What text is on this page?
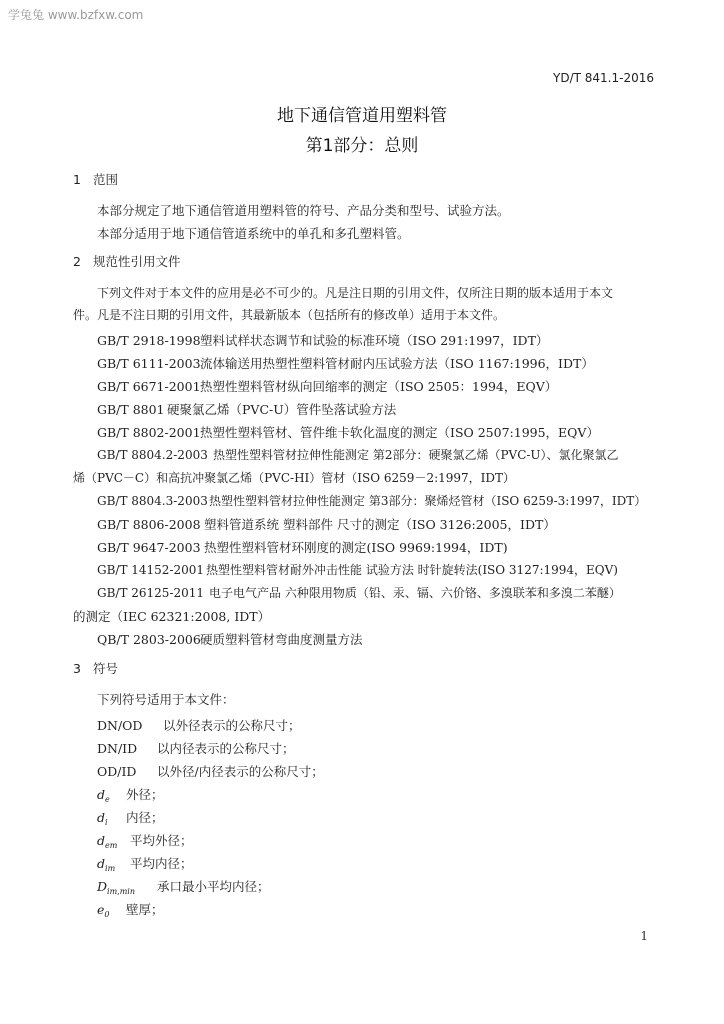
学兔兔 www.bzfxw.com
YD/T 841.1-2016
地下通信管道用塑料管
第1部分：总则
1 范围
本部分规定了地下通信管道用塑料管的符号、产品分类和型号、试验方法。
本部分适用于地下通信管道系统中的单孔和多孔塑料管。
2 规范性引用文件
下列文件对于本文件的应用是必不可少的。凡是注日期的引用文件，仅所注日期的版本适用于本文
件。凡是不注日期的引用文件，其最新版本（包括所有的修改单）适用于本文件。
GB/T 2918-1998塑料试样状态调节和试验的标准环境（ISO 291:1997，IDT）
GB/T 6111-2003流体输送用热塑性塑料管材耐内压试验方法（ISO 1167:1996，IDT）
GB/T 6671-2001热塑性塑料管材纵向回缩率的测定（ISO 2505：1994，EQV）
GB/T 8801 硬聚氯乙烯（PVC-U）管件坠落试验方法
GB/T 8802-2001热塑性塑料管材、管件维卡软化温度的测定（ISO 2507:1995，EQV）
GB/T 8804.2-2003 热塑性塑料管材拉伸性能测定 第2部分：硬聚氯乙烯（PVC-U）、氯化聚氯乙
烯（PVC－C）和高抗冲聚氯乙烯（PVC-HI）管材（ISO 6259－2:1997，IDT）
GB/T 8804.3-2003热塑性塑料管材拉伸性能测定 第3部分：聚烯烃管材（ISO 6259-3:1997，IDT）
GB/T 8806-2008 塑料管道系统 塑料部件 尺寸的测定（ISO 3126:2005，IDT）
GB/T 9647-2003 热塑性塑料管材环刚度的测定(ISO 9969:1994，IDT)
GB/T 14152-2001 热塑性塑料管材耐外冲击性能 试验方法 时针旋转法(ISO 3127:1994，EQV)
GB/T 26125-2011 电子电气产品 六种限用物质（铅、汞、镉、六价铬、多溴联苯和多溴二苯醚）
的测定（IEC 62321:2008, IDT）
QB/T 2803-2006硬质塑料管材弯曲度测量方法
3 符号
下列符号适用于本文件：
DN/OD 以外径表示的公称尺寸；
DN/ID 以内径表示的公称尺寸；
OD/ID 以外径/内径表示的公称尺寸；
$d_e$ 外径；
$d_i$ 内径；
$d_{em}$ 平均外径；
$d_{im}$ 平均内径；
$D_{im,min}$ 承口最小平均内径；
$e_0$ 壁厚；
1
